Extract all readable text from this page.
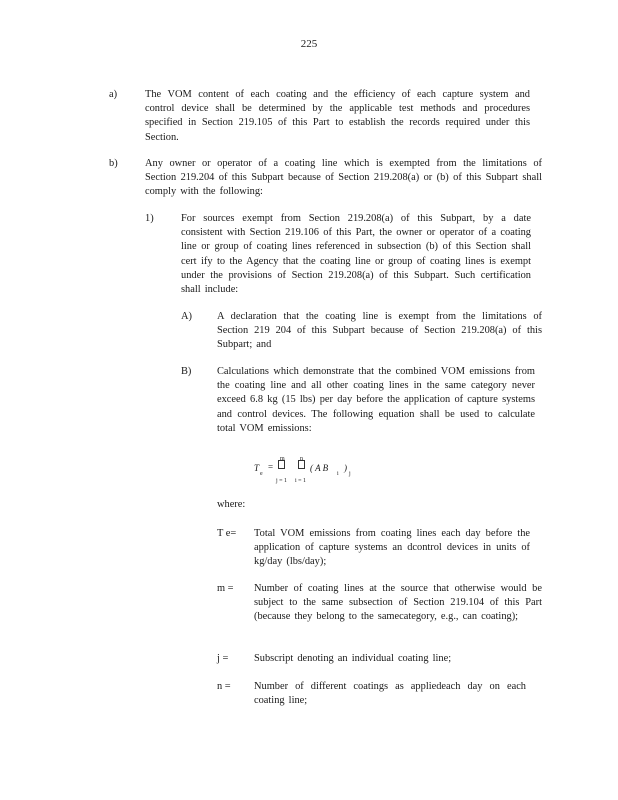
225
a)	The VOM content of each coating and the efficiency of each capture system and control device shall be determined by the applicable test methods and procedures specified in Section 219.105 of this Part to establish the records required under this Section.
b)	Any owner or operator of a coating line which is exempted from the limitations of Section 219.204 of this Subpart because of Section 219.208(a) or (b) of this Subpart shall comply with the following:
1)	For sources exempt from Section 219.208(a) of this Subpart, by a date consistent with Section 219.106 of this Part, the owner or operator of a coating line or group of coating lines referenced in subsection (b) of this Section shall cert ify to the Agency that the coating line or group of coating lines is exempt under the provisions of Section 219.208(a) of this Subpart. Such certification shall include:
A) A declaration that the coating line is exempt from the limitations of Section 219 204 of this Subpart because of Section 219.208(a) of this Subpart; and
B) Calculations which demonstrate that the combined VOM emissions from the coating line and all other coating lines in the same category never exceed 6.8 kg (15 lbs) per day before the application of capture systems and control devices. The following equation shall be used to calculate total VOM emissions:
T
e
=
m
j = 1
n
i = 1
( A B
i
)
j
where:
T e= Total VOM emissions from coating lines each day before the application of capture systems an dcontrol devices in units of kg/day (lbs/day);
m = Number of coating lines at the source that otherwise would be subject to the same subsection of Section 219.104 of this Part (because they belong to the samecategory, e.g., can coating);
j = Subscript denoting an individual coating line;
n = Number of different coatings as appliedeach day on each coating line;
